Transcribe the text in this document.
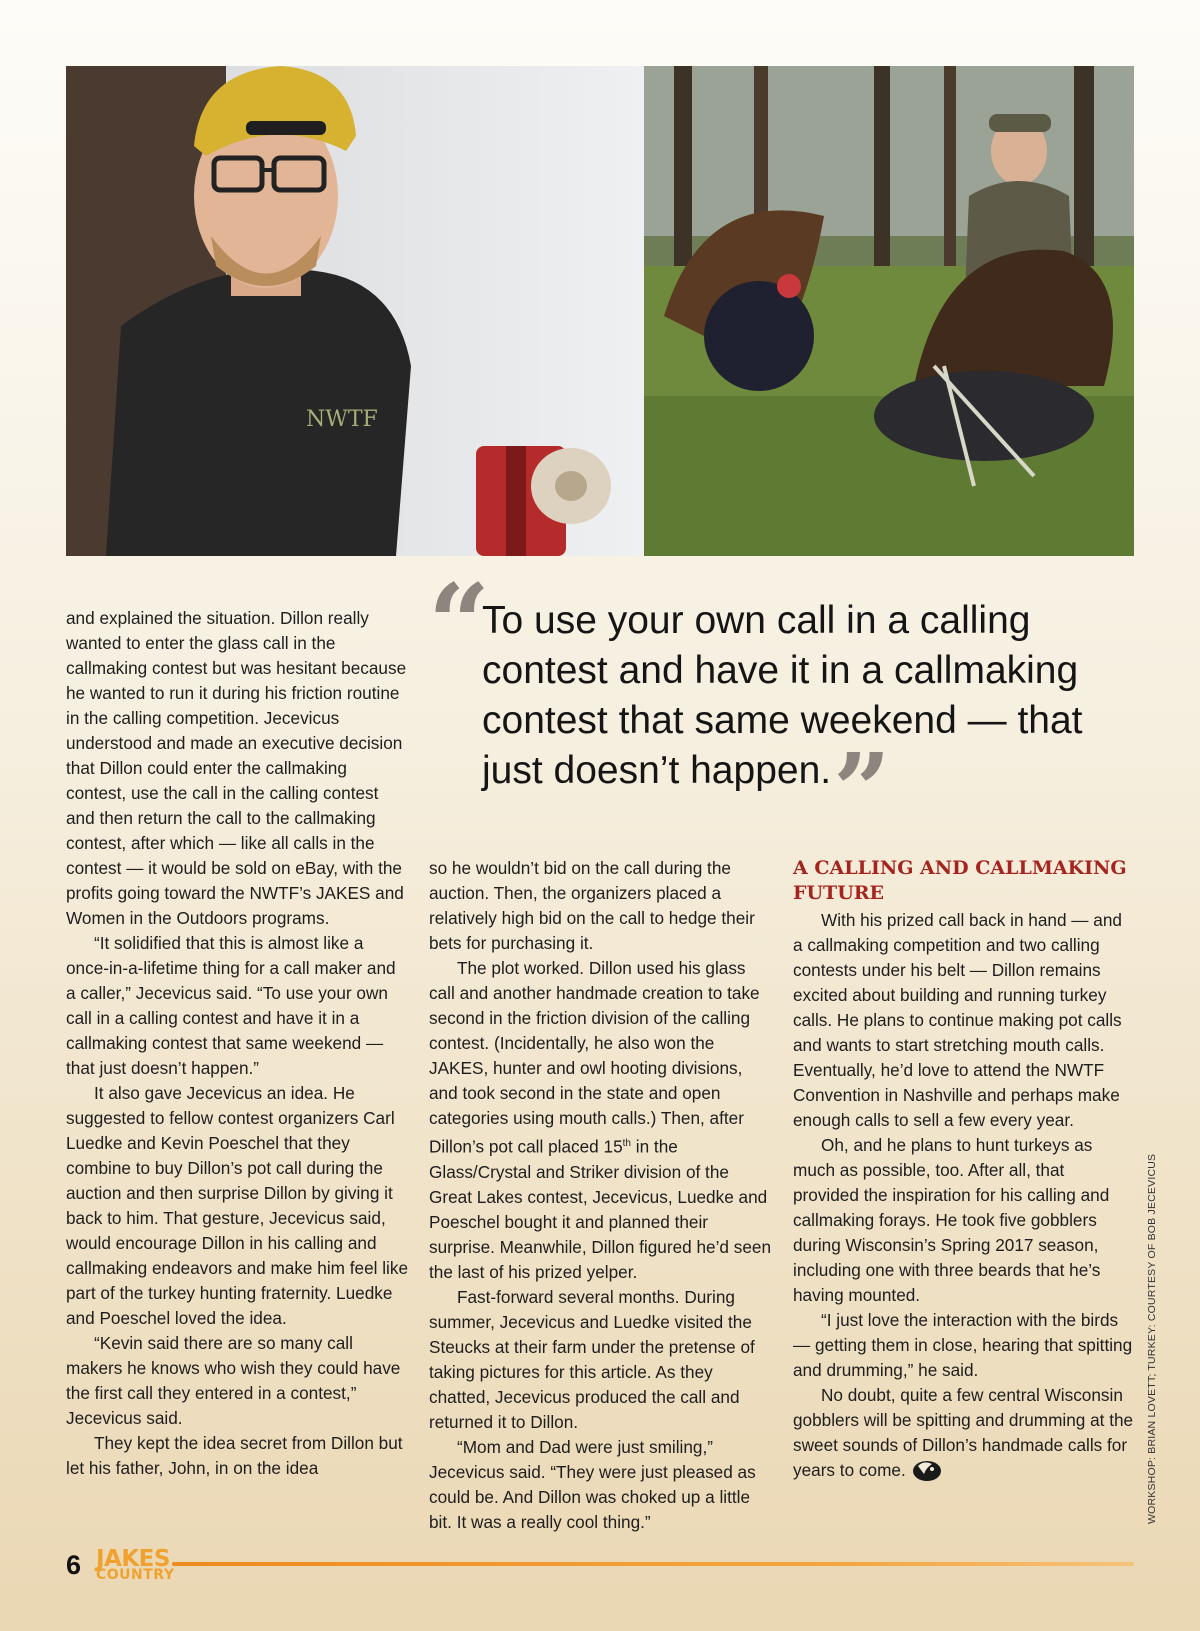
NWTF

and explained the situation. Dillon really wanted to enter the glass call in the callmaking contest but was hesitant because he wanted to run it during his friction routine in the calling competition. Jecevicus understood and made an executive decision that Dillon could enter the callmaking contest, use the call in the calling contest and then return the call to the callmaking contest, after which — like all calls in the contest — it would be sold on eBay, with the profits going toward the NWTF’s JAKES and Women in the Outdoors programs.

“It solidified that this is almost like a once-in-a-lifetime thing for a call maker and a caller,” Jecevicus said. “To use your own call in a calling contest and have it in a callmaking contest that same weekend — that just doesn’t happen.”

It also gave Jecevicus an idea. He suggested to fellow contest organizers Carl Luedke and Kevin Poeschel that they combine to buy Dillon’s pot call during the auction and then surprise Dillon by giving it back to him. That gesture, Jecevicus said, would encourage Dillon in his calling and callmaking endeavors and make him feel like part of the turkey hunting fraternity. Luedke and Poeschel loved the idea.

“Kevin said there are so many call makers he knows who wish they could have the first call they entered in a contest,” Jecevicus said.

They kept the idea secret from Dillon but let his father, John, in on the idea

“

To use your own call in a calling contest and have it in a callmaking contest that same weekend — that just doesn’t happen.”

so he wouldn’t bid on the call during the auction. Then, the organizers placed a relatively high bid on the call to hedge their bets for purchasing it.

The plot worked. Dillon used his glass call and another handmade creation to take second in the friction division of the calling contest. (Incidentally, he also won the JAKES, hunter and owl hooting divisions, and took second in the state and open categories using mouth calls.) Then, after Dillon’s pot call placed 15th in the Glass/Crystal and Striker division of the Great Lakes contest, Jecevicus, Luedke and Poeschel bought it and planned their surprise. Meanwhile, Dillon figured he’d seen the last of his prized yelper.

Fast-forward several months. During summer, Jecevicus and Luedke visited the Steucks at their farm under the pretense of taking pictures for this article. As they chatted, Jecevicus produced the call and returned it to Dillon.

“Mom and Dad were just smiling,” Jecevicus said. “They were just pleased as could be. And Dillon was choked up a little bit. It was a really cool thing.”

A CALLING AND CALLMAKING FUTURE

With his prized call back in hand — and a callmaking competition and two calling contests under his belt — Dillon remains excited about building and running turkey calls. He plans to continue making pot calls and wants to start stretching mouth calls. Eventually, he’d love to attend the NWTF Convention in Nashville and perhaps make enough calls to sell a few every year.

Oh, and he plans to hunt turkeys as much as possible, too. After all, that provided the inspiration for his calling and callmaking forays. He took five gobblers during Wisconsin’s Spring 2017 season, including one with three beards that he’s having mounted.

“I just love the interaction with the birds — getting them in close, hearing that spitting and drumming,” he said.

No doubt, quite a few central Wisconsin gobblers will be spitting and drumming at the sweet sounds of Dillon’s handmade calls for years to come.	WORKSHOP: BRIAN LOVETT; TURKEY: COURTESY OF BOB JECEVICUS
6 JAKES
COUNTRY
